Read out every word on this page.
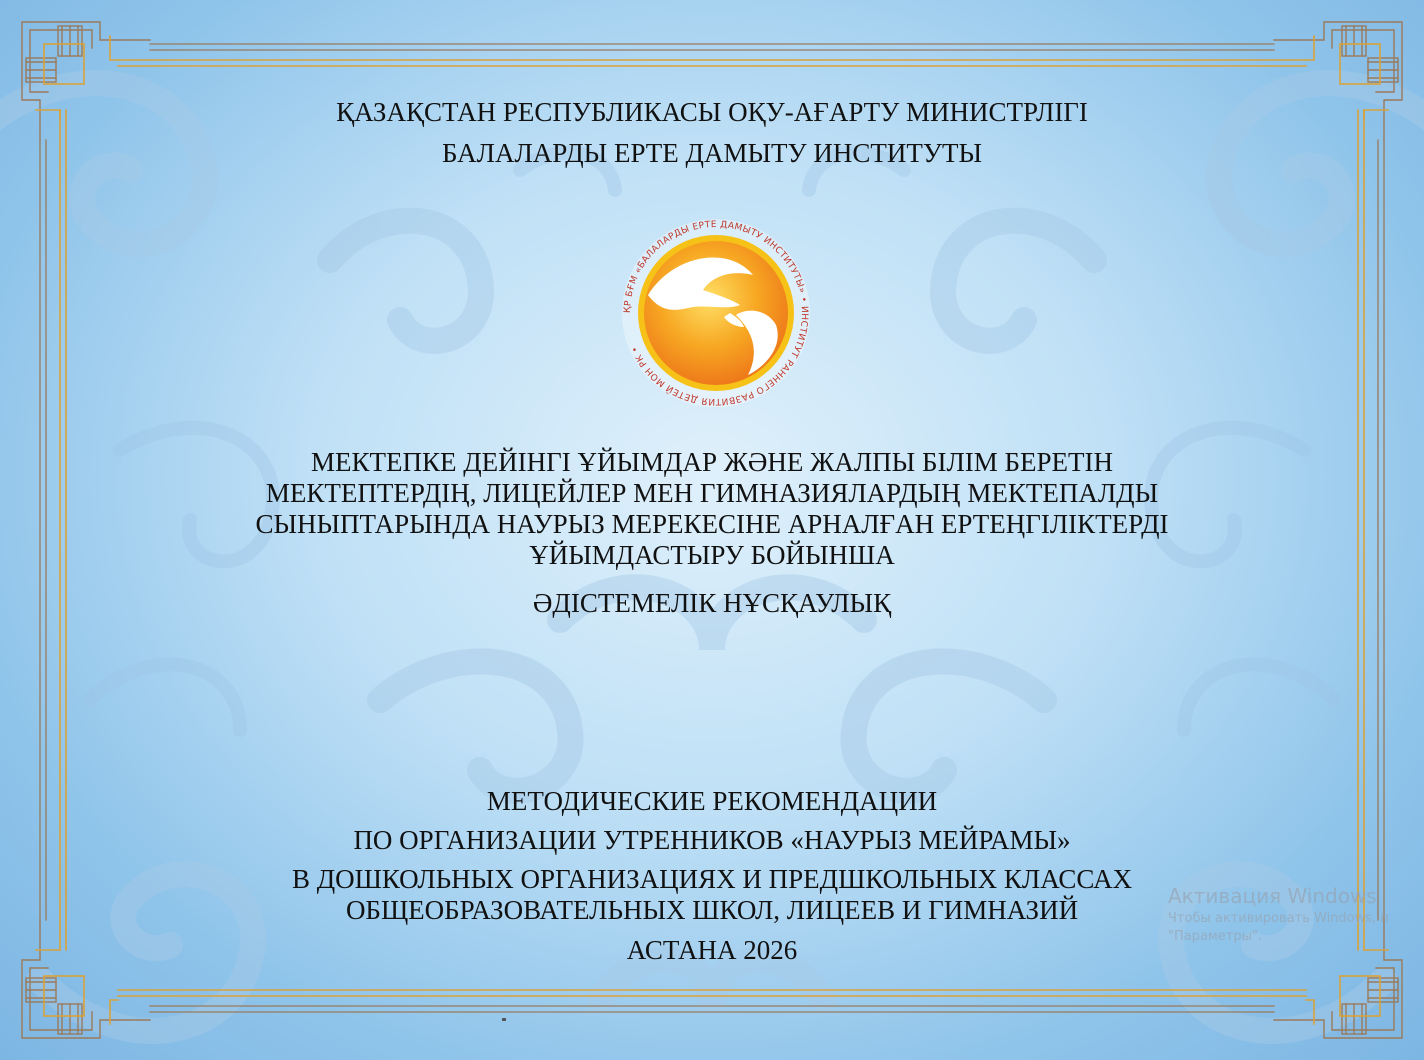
ҚАЗАҚСТАН РЕСПУБЛИКАСЫ ОҚУ-АҒАРТУ МИНИСТРЛІГІ
БАЛАЛАРДЫ ЕРТЕ ДАМЫТУ ИНСТИТУТЫ
ҚР БҒМ «БАЛАЛАРДЫ ЕРТЕ ДАМЫТУ ИНСТИТУТЫ» • ИНСТИТУТ РАННЕГО РАЗВИТИЯ ДЕТЕЙ МОН РК •
МЕКТЕПКЕ ДЕЙІНГІ ҰЙЫМДАР ЖӘНЕ ЖАЛПЫ БІЛІМ БЕРЕТІН
МЕКТЕПТЕРДІҢ, ЛИЦЕЙЛЕР МЕН ГИМНАЗИЯЛАРДЫҢ МЕКТЕПАЛДЫ
СЫНЫПТАРЫНДА НАУРЫЗ МЕРЕКЕСІНЕ АРНАЛҒАН ЕРТЕҢГІЛІКТЕРДІ
ҰЙЫМДАСТЫРУ БОЙЫНША
ӘДІСТЕМЕЛІК НҰСҚАУЛЫҚ
МЕТОДИЧЕСКИЕ РЕКОМЕНДАЦИИ
ПО ОРГАНИЗАЦИИ УТРЕННИКОВ «НАУРЫЗ МЕЙРАМЫ»
В ДОШКОЛЬНЫХ ОРГАНИЗАЦИЯХ И ПРЕДШКОЛЬНЫХ КЛАССАХ
ОБЩЕОБРАЗОВАТЕЛЬНЫХ ШКОЛ, ЛИЦЕЕВ И ГИМНАЗИЙ
АСТАНА 2026
Активация Windows
Чтобы активировать Windows, п
"Параметры".
